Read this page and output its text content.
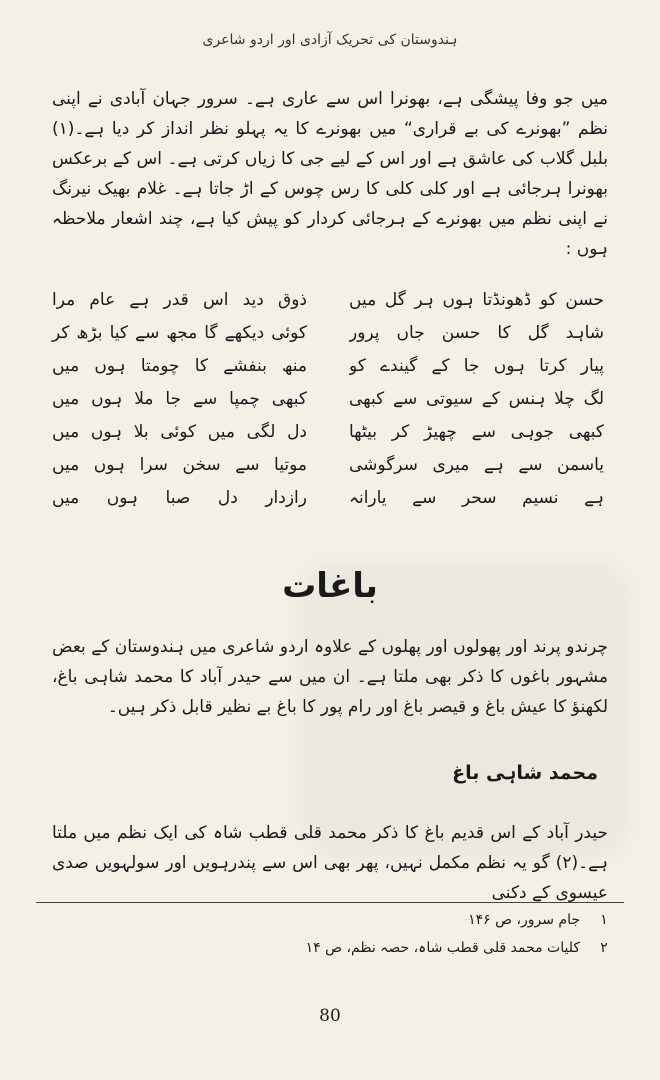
ہندوستان کی تحریک آزادی اور اردو شاعری

میں جو وفا پیشگی ہے، بھونرا اس سے عاری ہے۔ سرور جہان آبادی نے اپنی نظم ”بھونرے کی بے قراری“ میں بھونرے کا یہ پہلو نظر انداز کر دیا ہے۔(۱) بلبل گلاب کی عاشق ہے اور اس کے لیے جی کا زیاں کرتی ہے۔ اس کے برعکس بھونرا ہرجائی ہے اور کلی کلی کا رس چوس کے اڑ جاتا ہے۔ غلام بھیک نیرنگ نے اپنی نظم میں بھونرے کے ہرجائی کردار کو پیش کیا ہے، چند اشعار ملاحظہ ہوں :

حسن کو ڈھونڈتا ہوں ہر گل میں
ذوق دید اس قدر ہے عام مرا
شاہد گل کا حسن جاں پرور
کوئی دیکھے گا مجھ سے کیا بڑھ کر
پیار کرتا ہوں جا کے گیندے کو
منھ بنفشے کا چومتا ہوں میں
لگ چلا ہنس کے سیوتی سے کبھی
کبھی چمپا سے جا ملا ہوں میں
کبھی جوہی سے چھیڑ کر بیٹھا
دل لگی میں کوئی بلا ہوں میں
یاسمن سے ہے میری سرگوشی
موتیا سے سخن سرا ہوں میں
ہے نسیم سحر سے یارانہ
رازدار دل صبا ہوں میں
باغات

چرندو پرند اور پھولوں اور پھلوں کے علاوہ اردو شاعری میں ہندوستان کے بعض مشہور باغوں کا ذکر بھی ملتا ہے۔ ان میں سے حیدر آباد کا محمد شاہی باغ، لکھنؤ کا عیش باغ و قیصر باغ اور رام پور کا باغ بے نظیر قابل ذکر ہیں۔

محمد شاہی باغ

حیدر آباد کے اس قدیم باغ کا ذکر محمد قلی قطب شاہ کی ایک نظم میں ملتا ہے۔(۲) گو یہ نظم مکمل نہیں، پھر بھی اس سے پندرہویں اور سولہویں صدی عیسوی کے دکنی

۱
جام سرور، ص ۱۴۶
۲
کلیات محمد قلی قطب شاہ، حصہ نظم، ص ۱۴
80
